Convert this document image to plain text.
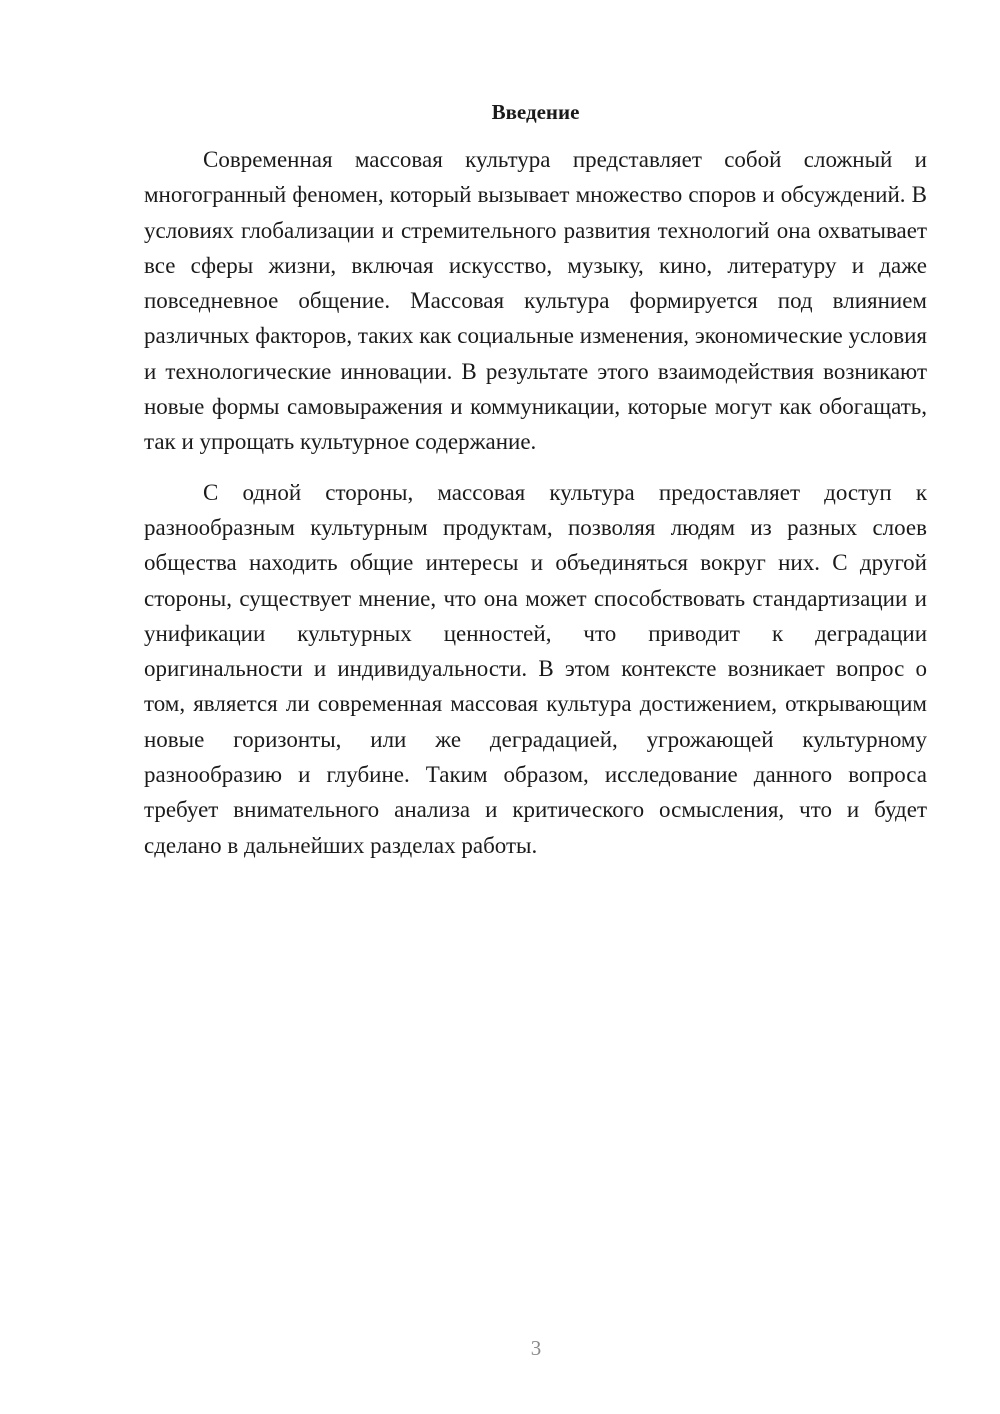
Введение

Современная массовая культура представляет собой сложный и многогранный феномен, который вызывает множество споров и обсуждений. В условиях глобализации и стремительного развития технологий она охватывает все сферы жизни, включая искусство, музыку, кино, литературу и даже повседневное общение. Массовая культура формируется под влиянием различных факторов, таких как социальные изменения, экономические условия и технологические инновации. В результате этого взаимодействия возникают новые формы самовыражения и коммуникации, которые могут как обогащать, так и упрощать культурное содержание.

С одной стороны, массовая культура предоставляет доступ к разнообразным культурным продуктам, позволяя людям из разных слоев общества находить общие интересы и объединяться вокруг них. С другой стороны, существует мнение, что она может способствовать стандартизации и унификации культурных ценностей, что приводит к деградации оригинальности и индивидуальности. В этом контексте возникает вопрос о том, является ли современная массовая культура достижением, открывающим новые горизонты, или же деградацией, угрожающей культурному разнообразию и глубине. Таким образом, исследование данного вопроса требует внимательного анализа и критического осмысления, что и будет сделано в дальнейших разделах работы.

3
